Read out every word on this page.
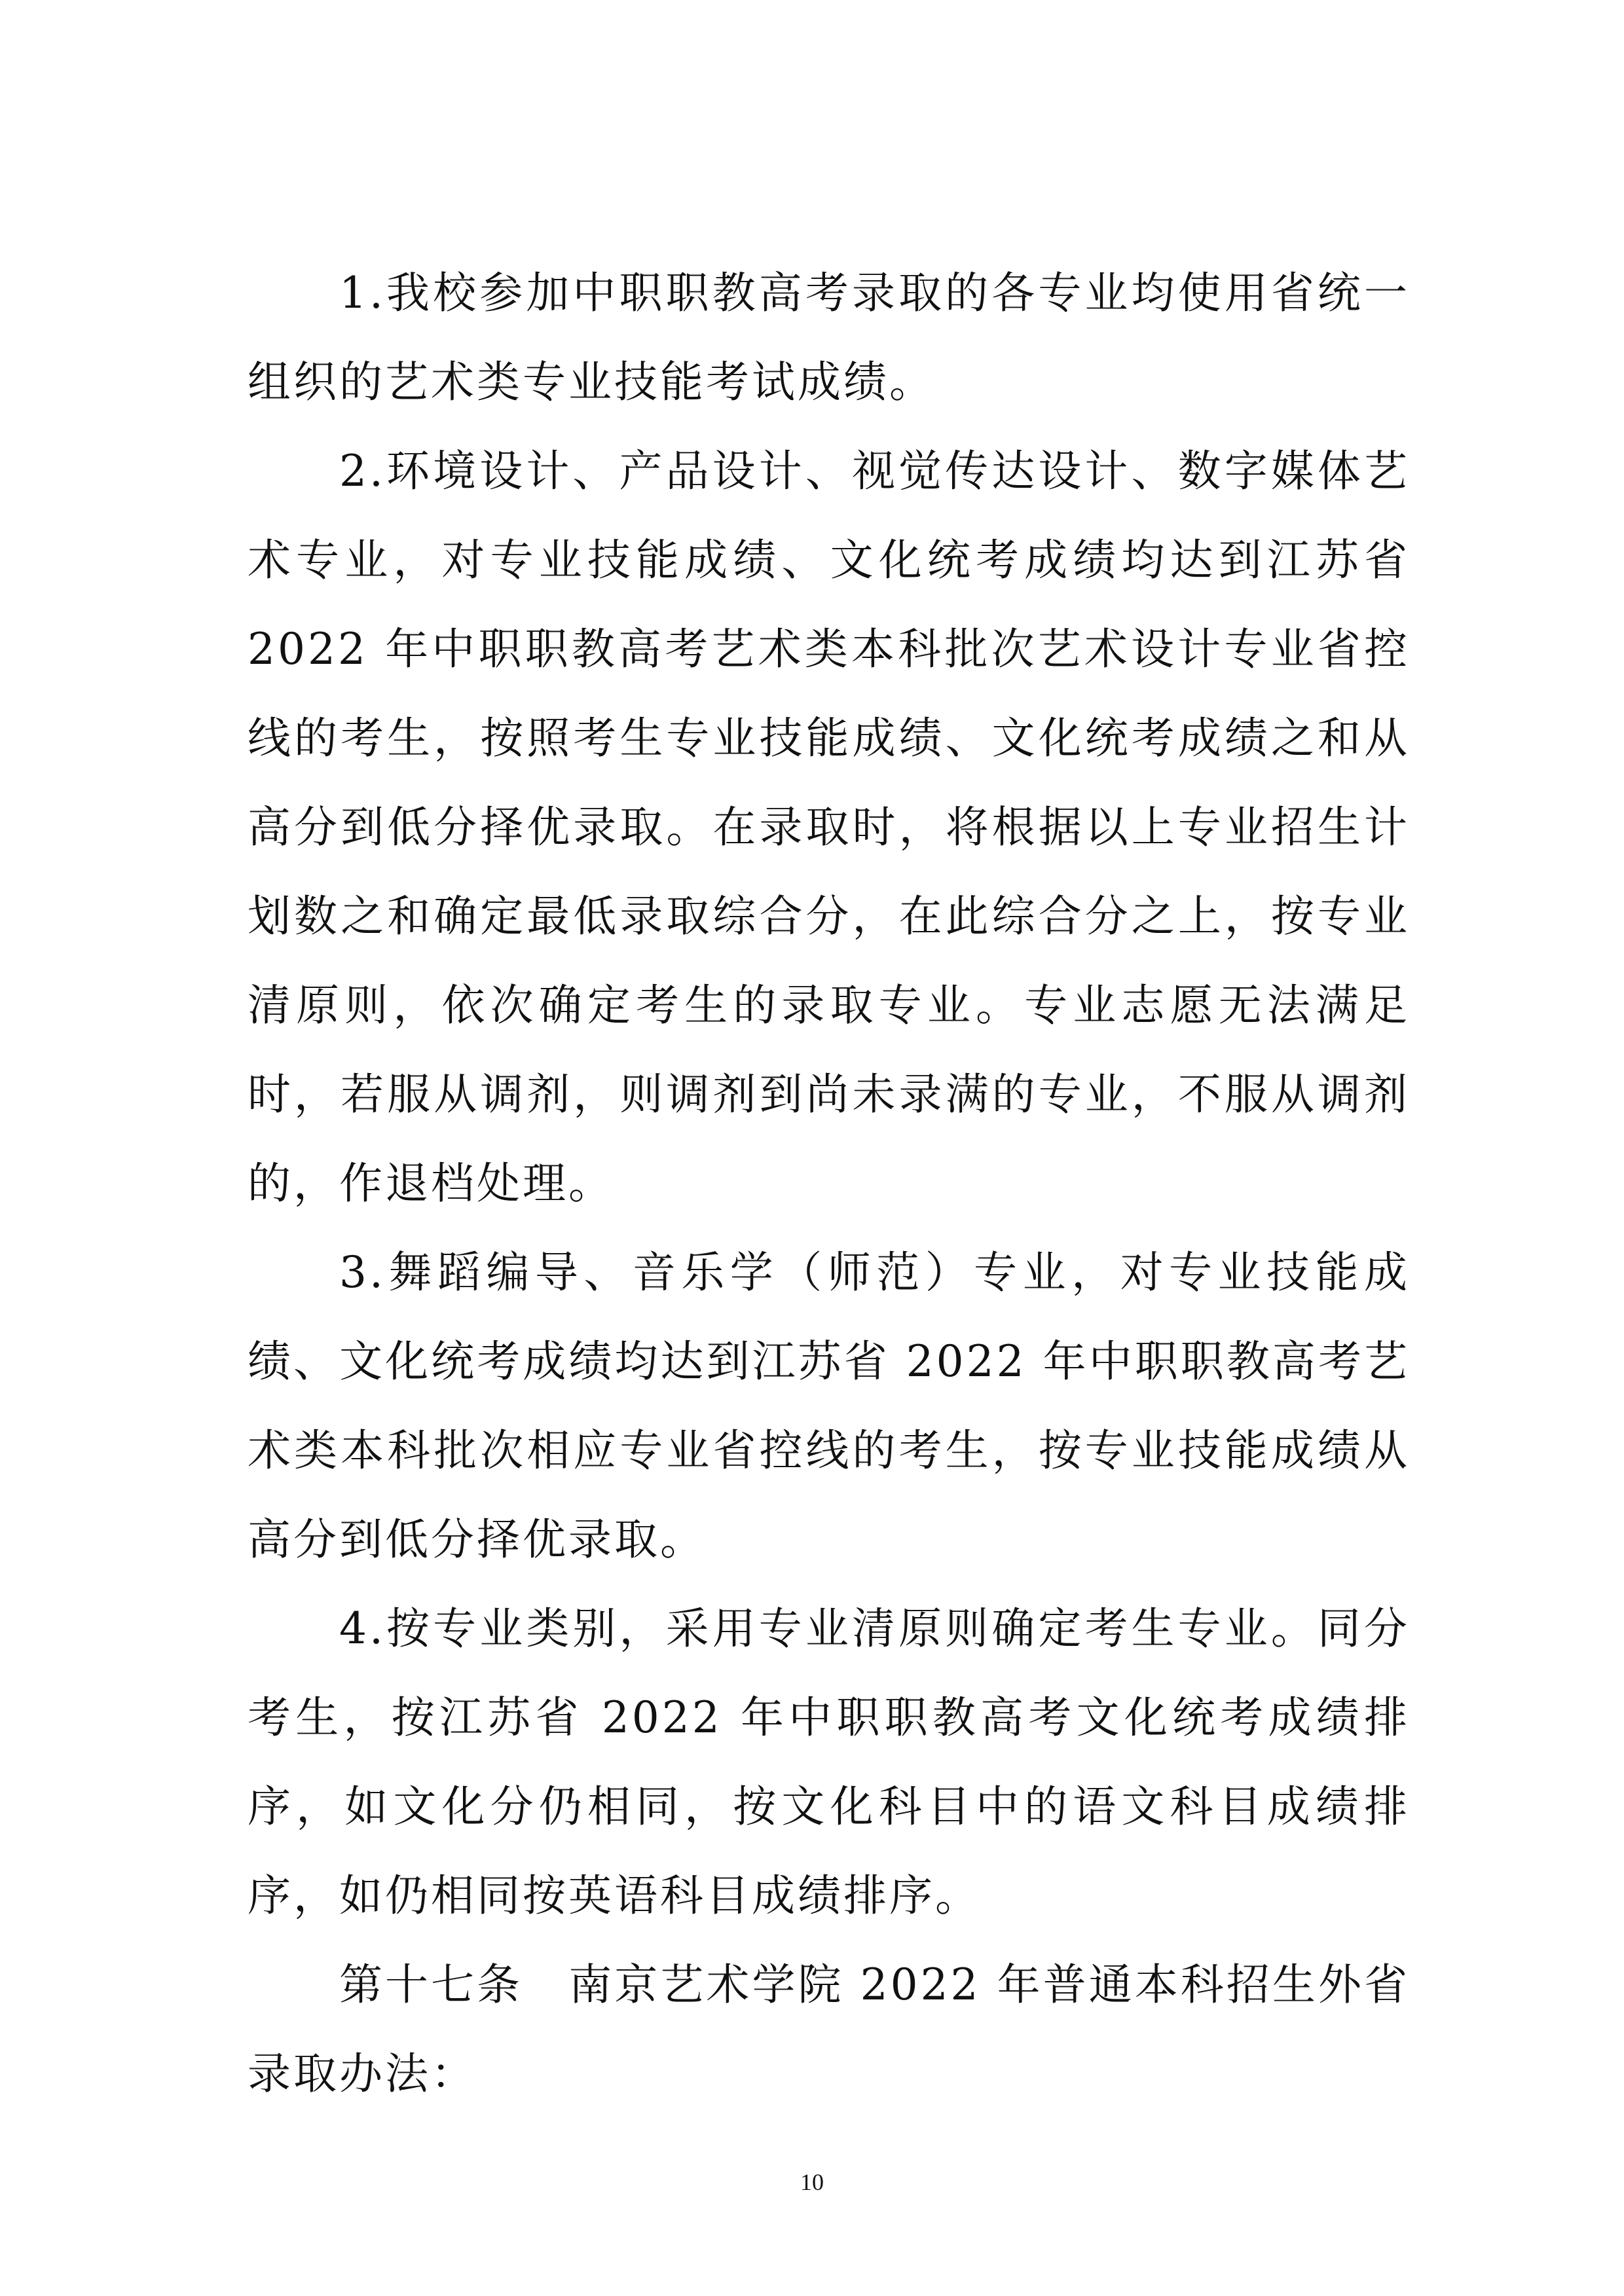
1.我校参加中职职教高考录取的各专业均使用省统一组织的艺术类专业技能考试成绩。

2.环境设计、产品设计、视觉传达设计、数字媒体艺术专业，对专业技能成绩、文化统考成绩均达到江苏省 2022 年中职职教高考艺术类本科批次艺术设计专业省控线的考生，按照考生专业技能成绩、文化统考成绩之和从高分到低分择优录取。在录取时，将根据以上专业招生计划数之和确定最低录取综合分，在此综合分之上，按专业清原则，依次确定考生的录取专业。专业志愿无法满足时，若服从调剂，则调剂到尚未录满的专业，不服从调剂的，作退档处理。

3.舞蹈编导、音乐学（师范）专业，对专业技能成绩、文化统考成绩均达到江苏省 2022 年中职职教高考艺术类本科批次相应专业省控线的考生，按专业技能成绩从高分到低分择优录取。

4.按专业类别，采用专业清原则确定考生专业。同分考生，按江苏省 2022 年中职职教高考文化统考成绩排序，如文化分仍相同，按文化科目中的语文科目成绩排序，如仍相同按英语科目成绩排序。

第十七条　南京艺术学院 2022 年普通本科招生外省录取办法：

10
